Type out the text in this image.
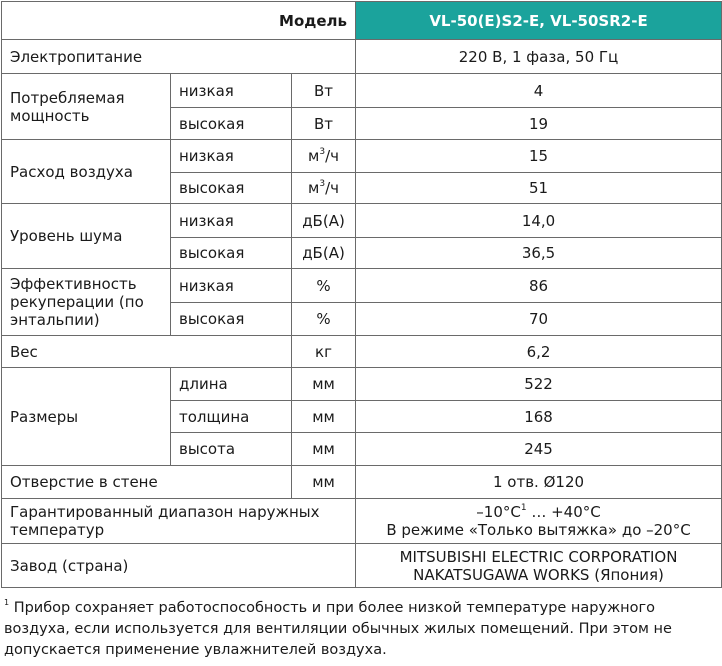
Модель			VL-50(E)S2-E, VL-50SR2-E
Электропитание			220 В, 1 фаза, 50 Гц
Потребляемая мощность	низкая	Вт	4
	высокая	Вт	19
Расход воздуха	низкая	$м^3/ч$	15
	высокая	$м^3/ч$	51
Уровень шума	низкая	дБ(А)	14,0
	высокая	дБ(А)	36,5
Эффективность рекуперации (по энтальпии)	низкая	%	86
	высокая	%	70
Вес		кг	6,2
Размеры	длина	мм	522
	толщина	мм	168
	высота	мм	245
Отверстие в стене		мм	1 отв. Ø120
Гарантированный диапазон наружных температур			$-10^\circ С^1$ … +40°С
В режиме «Только вытяжка» до –20°С

Завод (страна)			MITSUBISHI ELECTRIC CORPORATION
NAKATSUGAWA WORKS (Япония)
$^1$ Прибор сохраняет работоспособность и при более низкой температуре наружного
воздуха, если используется для вентиляции обычных жилых помещений. При этом не
допускается применение увлажнителей воздуха.
